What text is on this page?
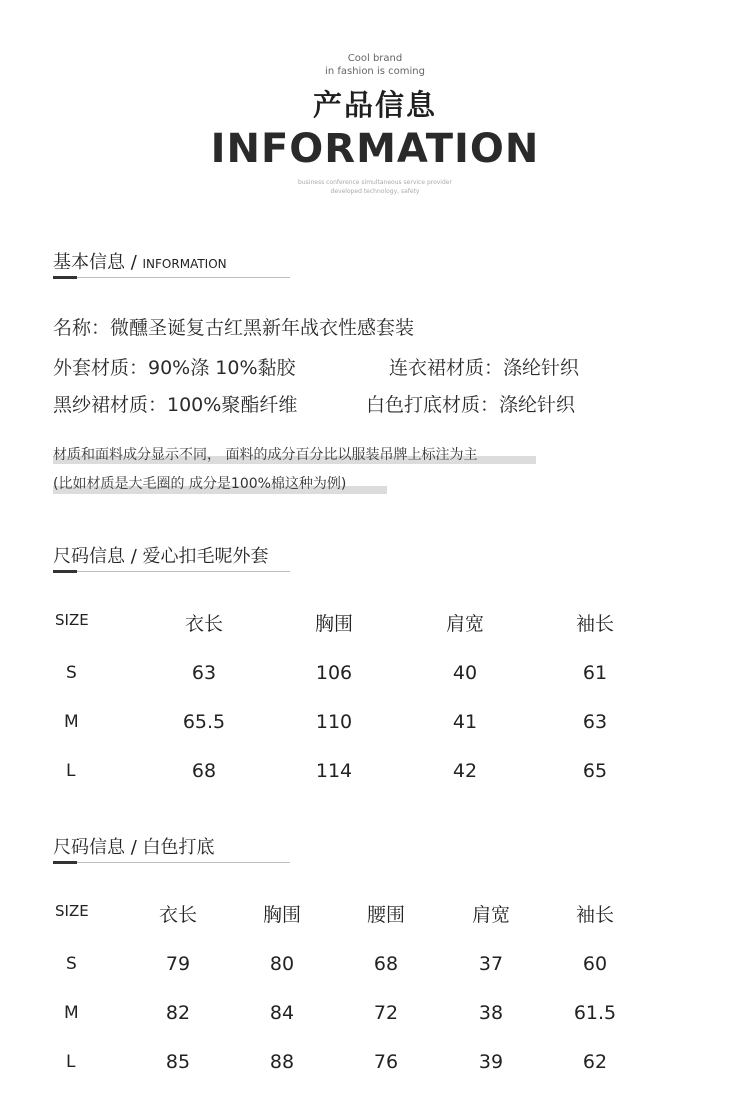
Cool brand
in fashion is coming
产品信息
INFORMATION
business conference simultaneous service provider
developed technology, safety
基本信息 / INFORMATION
名称：微醺圣诞复古红黑新年战衣性感套装
外套材质：90%涤 10%黏胶	连衣裙材质：涤纶针织
黑纱裙材质：100%聚酯纤维	白色打底材质：涤纶针织
材质和面料成分显示不同， 面料的成分百分比以服装吊牌上标注为主
(比如材质是大毛圈的 成分是100%棉这种为例)
尺码信息 / 爱心扣毛呢外套
SIZE	衣长	胸围	肩宽	袖长
S	63	106	40	61
M	65.5	110	41	63
L	68	114	42	65
尺码信息 / 白色打底
SIZE	衣长	胸围	腰围	肩宽	袖长
S	79	80	68	37	60
M	82	84	72	38	61.5
L	85	88	76	39	62
